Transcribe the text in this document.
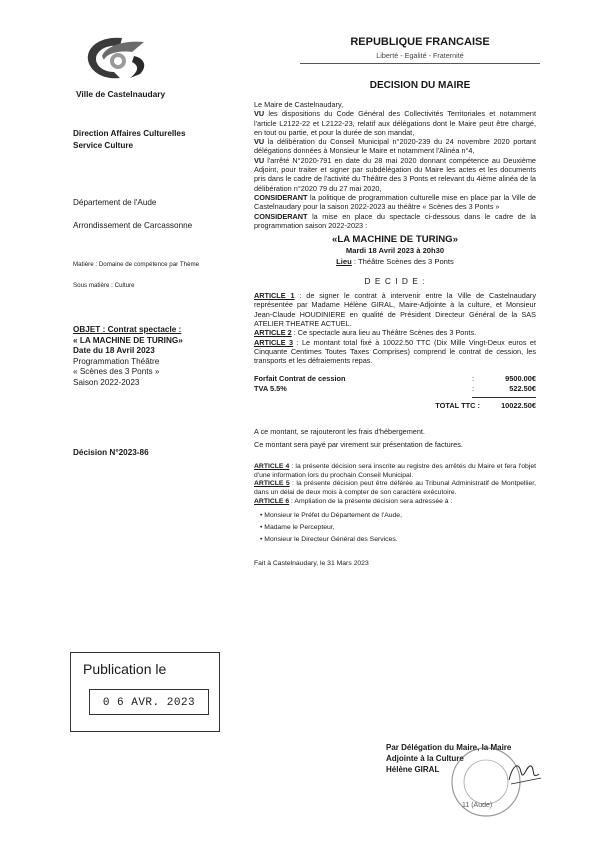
Ville de Castelnaudary
REPUBLIQUE FRANCAISE
Liberté - Egalité - Fraternité
DECISION DU MAIRE
Direction Affaires Culturelles
Service Culture
Département de l'Aude
Arrondissement de Carcassonne
Matière : Domaine de compétence par Thème
Sous matière : Culture
OBJET : Contrat spectacle :
« LA MACHINE DE TURING»
Date du 18 Avril 2023
Programmation Théâtre
« Scènes des 3 Ponts »
Saison 2022-2023
Décision N°2023-86
Publication le
0 6 AVR. 2023
Le Maire de Castelnaudary,
VU les dispositions du Code Général des Collectivités Territoriales et notamment l'article L2122-22 et L2122-23, relatif aux délégations dont le Maire peut être chargé, en tout ou partie, et pour la durée de son mandat,
VU la délibération du Conseil Municipal n°2020-239 du 24 novembre 2020 portant délégations données à Monsieur le Maire et notamment l'Alinéa n°4,
VU l'arrêté N°2020-791 en date du 28 mai 2020 donnant compétence au Deuxième Adjoint, pour traiter et signer par subdélégation du Maire les actes et les documents pris dans le cadre de l'activité du Théâtre des 3 Ponts et relevant du 4ième alinéa de la délibération n°2020 79 du 27 mai 2020,
CONSIDERANT la politique de programmation culturelle mise en place par la Ville de Castelnaudary pour la saison 2022-2023 au théâtre « Scènes des 3 Ponts »
CONSIDERANT la mise en place du spectacle ci-dessous dans le cadre de la programmation saison 2022-2023 :
«LA MACHINE DE TURING»
Mardi 18 Avril 2023 à 20h30
Lieu : Théâtre Scènes des 3 Ponts
D E C I D E :
ARTICLE 1 : de signer le contrat à intervenir entre la Ville de Castelnaudary représentée par Madame Hélène GIRAL, Maire-Adjointe à la culture, et Monsieur Jean-Claude HOUDINIERE en qualité de Président Directeur Général de la SAS ATELIER THEATRE ACTUEL.
ARTICLE 2 : Ce spectacle aura lieu au Théâtre Scènes des 3 Ponts.
ARTICLE 3 : Le montant total fixé à 10022.50 TTC (Dix Mille Vingt-Deux euros et Cinquante Centimes Toutes Taxes Comprises) comprend le contrat de cession, les transports et les défraiements repas.
Forfait Contrat de cession	:	9500.00€
TVA 5.5%	:	522.50€
TOTAL TTC :	10022.50€
A ce montant, se rajouteront les frais d'hébergement.
Ce montant sera payé par virement sur présentation de factures.
ARTICLE 4 : la présente décision sera inscrite au registre des arrêtés du Maire et fera l'objet d'une information lors du prochain Conseil Municipal.
ARTICLE 5 : la présente décision peut être déférée au Tribunal Administratif de Montpellier, dans un délai de deux mois à compter de son caractère exécutoire.
ARTICLE 6 : Ampliation de la présente décision sera adressée à :
• Monsieur le Préfet du Département de l'Aude,
• Madame le Percepteur,
• Monsieur le Directeur Général des Services.
Fait à Castelnaudary, le 31 Mars 2023
Par Délégation du Maire, la Maire
Adjointe à la Culture
Hélène GIRAL
11 (Aude)
